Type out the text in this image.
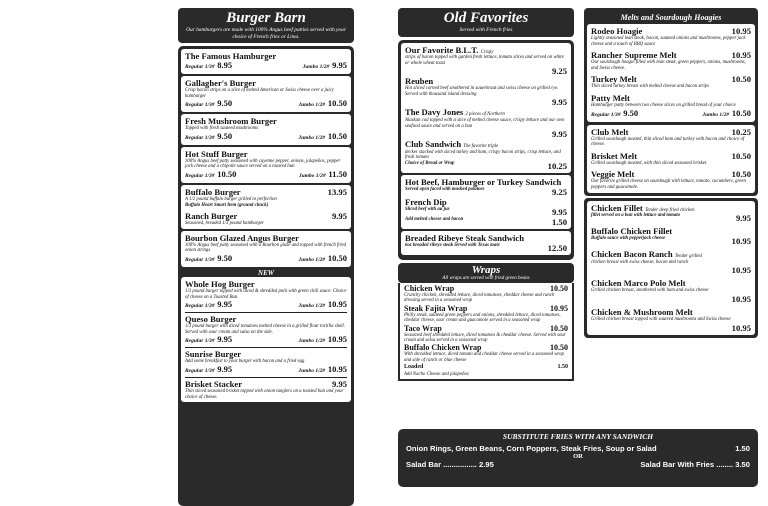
Burger Barn
Our hamburgers are made with 100% Angus beef patties served with your choice of French fries or Lima.
The Famous Hamburger
Regular 1/3# 8.95	Jumbo 1/2# 9.95
Gallagher's Burger
Crisp bacon strips on a slice of melted American or Swiss cheese over a juicy hamburger
Regular 1/3# 9.50	Jumbo 1/2# 10.50
Fresh Mushroom Burger
Topped with fresh sauteed mushrooms
Regular 1/3# 9.50	Jumbo 1/2# 10.50
Hot Stuff Burger
100% Angus beef patty seasoned with cayenne pepper, onions, jalapeños, pepper jack cheese and a chipotle sauce served on a toasted bun
Regular 1/3# 10.50	Jumbo 1/2# 11.50
Buffalo Burger	13.95
A 1/2 pound buffalo burger grilled to perfection
Buffalo Heart Smart Item (ground chuck)
Ranch Burger	9.95
Seasoned, breaded 1/3 pound hamburger
Bourbon Glazed Angus Burger
100% Angus beef patty seasoned with a Bourbon glaze and topped with french fried onion strings
Regular 1/3# 9.50	Jumbo 1/2# 10.50
NEW
Whole Hog Burger
1/3 pound burger topped with diced & shredded pork with green chili sauce. Choice of cheese on a Toasted Bun.
Regular 1/3# 9.95	Jumbo 1/2# 10.95
Queso Burger
1/3 pound burger with diced tomatoes melted cheese in a grilled flour tortilla shell. Served with sour cream and salsa on the side.
Regular 1/3# 9.95	Jumbo 1/2# 10.95
Sunrise Burger
Add some breakfast to your burger with bacon and a fried egg
Regular 1/3# 9.95	Jumbo 1/2# 10.95
Brisket Stacker	9.95
Thin sliced seasoned brisket topped with onion tanglers on a toasted bun and your choice of cheese.
Old Favorites
Served with French fries
Our Favorite B.L.T. Crispy
strips of bacon topped with garden fresh lettuce, tomato slices and served on white or whole wheat toast
9.25
Reuben
Hot sliced corned beef smothered in sauerkraut and swiss cheese on grilled rye. Served with thousand island dressing
9.95
The Davy Jones 2 pieces of Northern
Alaskan cod topped with a slice of melted cheese sauce, crispy lettuce and our own seafood sauce and served on a bun
9.95
Club Sandwich The favorite triple
decker stacked with sliced turkey and ham, crispy bacon strips, crisp lettuce, and fresh tomato
Choice of Bread or Wrap	10.25
Hot Beef, Hamburger or Turkey Sandwich
Served open faced with mashed potatoes	9.25
French Dip
Sliced beef with au jus	9.95
Add melted cheese and bacon	1.50
Breaded Ribeye Steak Sandwich
6oz breaded ribeye steak served with Texas toast	12.50
Wraps
All wraps are served with fried green beans
Chicken Wrap	10.50
Crunchy chicken, shredded lettuce, diced tomatoes, cheddar cheese and ranch dressing served in a seasoned wrap
Steak Fajita Wrap	10.95
Philly steak, sauteed green peppers and onions, shredded lettuce, diced tomatoes, cheddar cheese, sour cream and guacamole served in a seasoned wrap
Taco Wrap	10.50
Seasoned beef shredded lettuce, diced tomatoes & cheddar cheese. Served with sour cream and salsa served in a seasoned wrap
Buffalo Chicken Wrap	10.50
With shredded lettuce, diced tomato and cheddar cheese served in a seasoned wrap and side of ranch or blue cheese
Loaded	1.50
Add Nacho Cheese and jalapeños
Melts and Sourdough Hoagies
Rodeo Hoagie	10.95
Lightly seasoned lean steak, bacon, sauteed onions and mushrooms, pepper jack cheese and a touch of BBQ sauce
Rancher Supreme Melt	10.95
Our sourdough hoagie filled with lean steak, green peppers, onions, mushrooms, and Swiss cheese.
Turkey Melt	10.50
Thin sliced turkey breast with melted cheese and bacon strips
Patty Melt
Hamburger patty between two cheese slices on grilled bread of your choice
Regular 1/3# 9.50	Jumbo 1/2# 10.50
Club Melt	10.25
Grilled sourdough toasted, thin sliced ham and turkey with bacon and choice of cheese.
Brisket Melt	10.50
Grilled sourdough toasted, with thin sliced seasoned brisket.
Veggie Melt	10.50
Our favorite grilled cheese on sourdough with lettuce, tomato, cucumbers, green peppers and guacamole.
Chicken Fillet Tender deep fried chicken
fillet served on a bun with lettuce and tomato	9.95
Buffalo Chicken Fillet
Buffalo sauce with pepperjack cheese	10.95
Chicken Bacon Ranch Tender grilled
chicken breast with swiss cheese, bacon and ranch
10.95
Chicken Marco Polo Melt
Grilled chicken breast, smothered with ham and swiss cheese
10.95
Chicken & Mushroom Melt
Grilled chicken breast topped with sauteed mushrooms and Swiss cheese
10.95
SUBSTITUTE FRIES WITH ANY SANDWICH
Onion Rings, Green Beans, Corn Poppers, Steak Fries, Soup or Salad	1.50
OR
Salad Bar ................ 2.95	Salad Bar With Fries ........ 3.50
